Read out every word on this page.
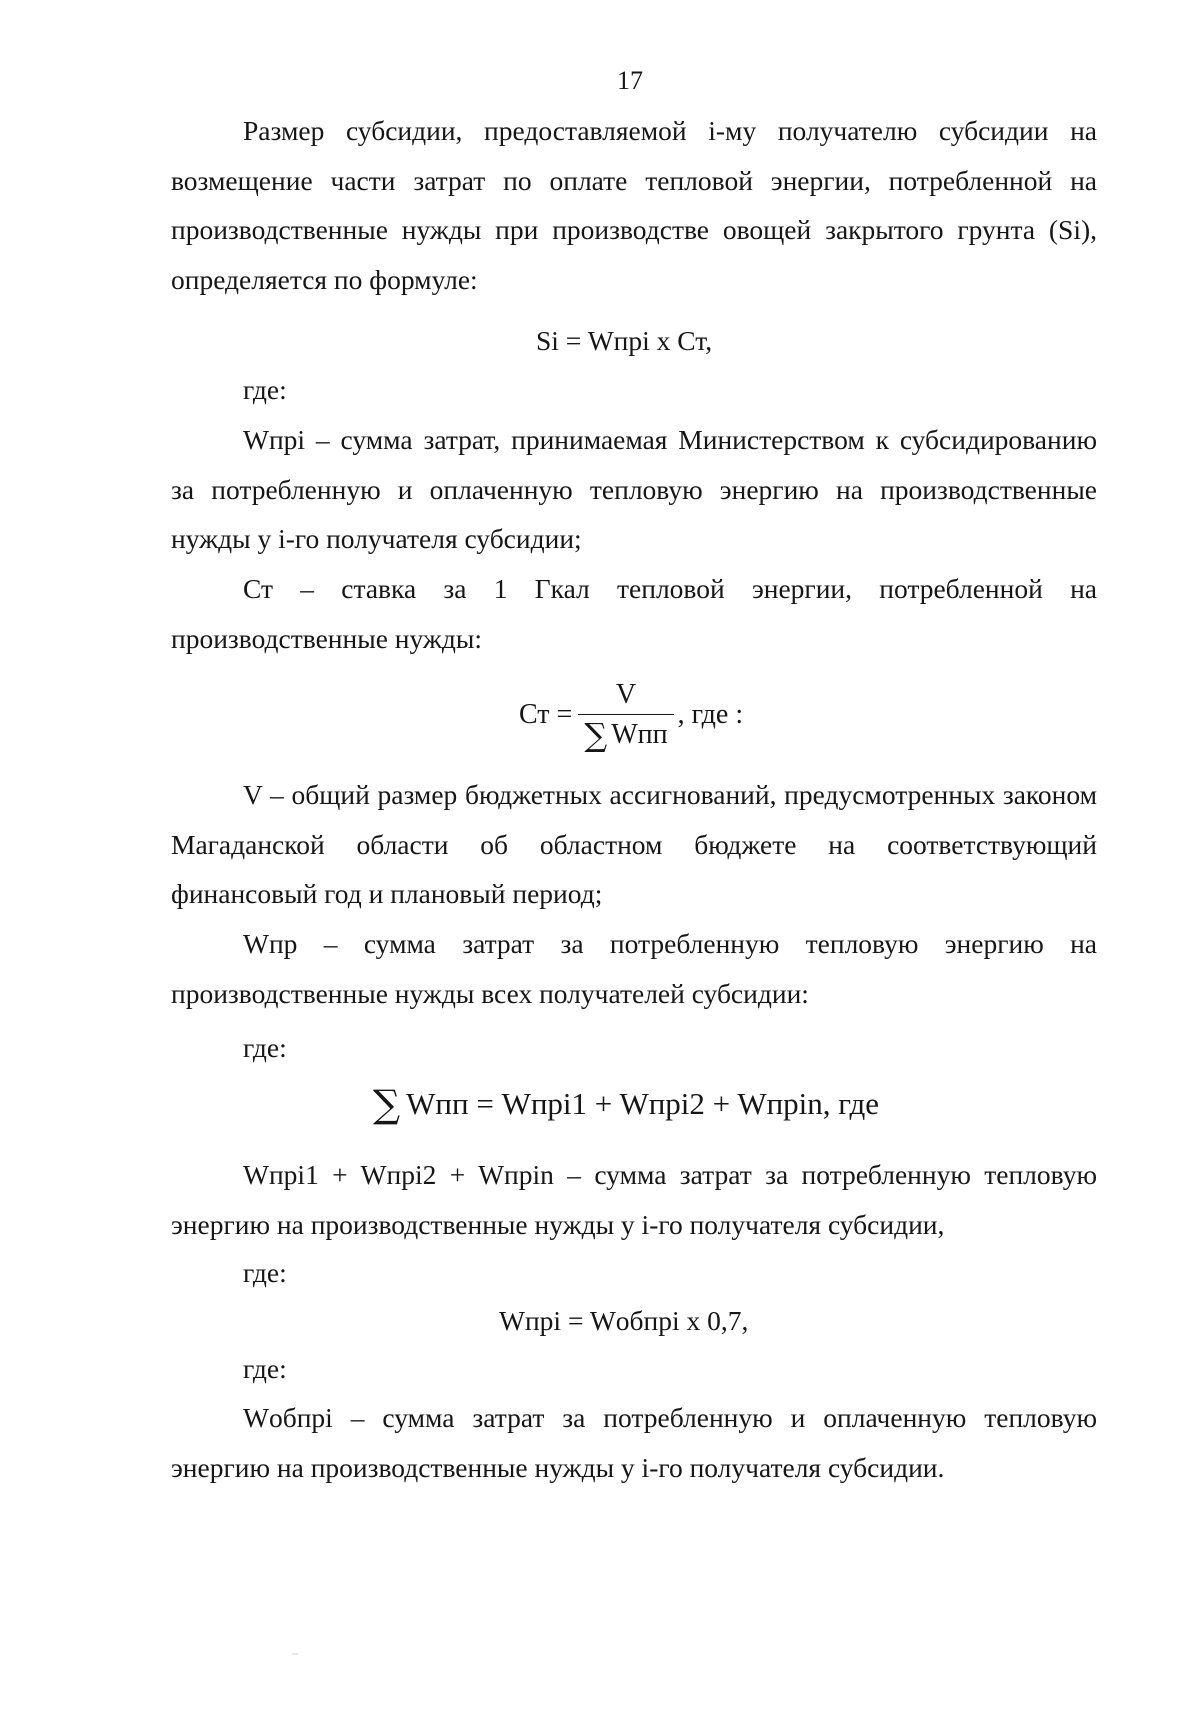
17

Размер субсидии, предоставляемой i-му получателю субсидии на возмещение части затрат по оплате тепловой энергии, потребленной на производственные нужды при производстве овощей закрытого грунта (Si), определяется по формуле:

Si = Wпрi x Ст,
где:

Wпрi – сумма затрат, принимаемая Министерством к субсидированию за потребленную и оплаченную тепловую энергию на производственные нужды у i-го получателя субсидии;

Ст – ставка за 1 Гкал тепловой энергии, потребленной на производственные нужды:

Ст = $\frac{V}{\text{∑ Wпп}}$ , где :

V – общий размер бюджетных ассигнований, предусмотренных законом Магаданской области об областном бюджете на соответствующий финансовый год и плановый период;

Wпр – сумма затрат за потребленную тепловую энергию на производственные нужды всех получателей субсидии:

где:
∑ Wпп = Wпрi1 + Wпрi2 + Wпрin, где

Wпрi1 + Wпрi2 + Wпрin – сумма затрат за потребленную тепловую энергию на производственные нужды у i-го получателя субсидии,

где:
Wпрi = Wобпрi x 0,7,
где:

Wобпрi – сумма затрат за потребленную и оплаченную тепловую энергию на производственные нужды у i-го получателя субсидии.
